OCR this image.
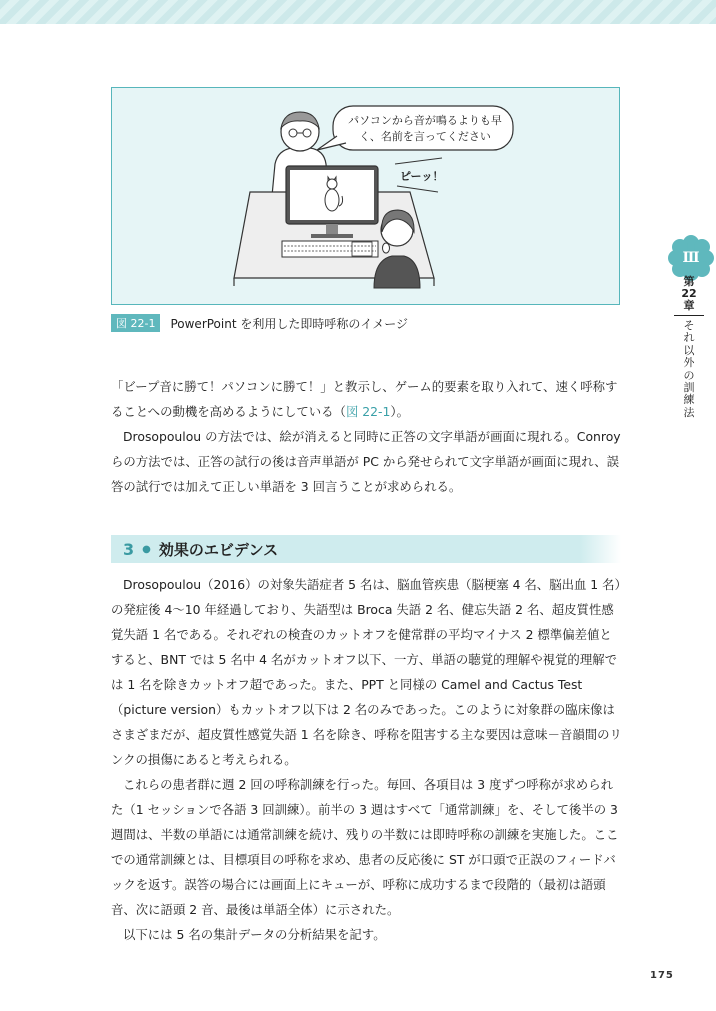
パソコンから音が鳴るよりも早く、名前を言ってください
ピーッ！
図 22-1	PowerPoint を利用した即時呼称のイメージ

「ビープ音に勝て！パソコンに勝て！」と教示し、ゲーム的要素を取り入れて、速く呼称することへの動機を高めるようにしている（図 22-1）。

Drosopoulou の方法では、絵が消えると同時に正答の文字単語が画面に現れる。Conroy らの方法では、正答の試行の後は音声単語が PC から発せられて文字単語が画面に現れ、誤答の試行では加えて正しい単語を 3 回言うことが求められる。

3 ● 効果のエビデンス

Drosopoulou（2016）の対象失語症者 5 名は、脳血管疾患（脳梗塞 4 名、脳出血 1 名）の発症後 4〜10 年経過しており、失語型は Broca 失語 2 名、健忘失語 2 名、超皮質性感覚失語 1 名である。それぞれの検査のカットオフを健常群の平均マイナス 2 標準偏差値とすると、BNT では 5 名中 4 名がカットオフ以下、一方、単語の聴覚的理解や視覚的理解では 1 名を除きカットオフ超であった。また、PPT と同様の Camel and Cactus Test（picture version）もカットオフ以下は 2 名のみであった。このように対象群の臨床像はさまざまだが、超皮質性感覚失語 1 名を除き、呼称を阻害する主な要因は意味－音韻間のリンクの損傷にあると考えられる。

これらの患者群に週 2 回の呼称訓練を行った。毎回、各項目は 3 度ずつ呼称が求められた（1 セッションで各語 3 回訓練）。前半の 3 週はすべて「通常訓練」を、そして後半の 3 週間は、半数の単語には通常訓練を続け、残りの半数には即時呼称の訓練を実施した。ここでの通常訓練とは、目標項目の呼称を求め、患者の反応後に ST が口頭で正誤のフィードバックを返す。誤答の場合には画面上にキューが、呼称に成功するまで段階的（最初は語頭音、次に語頭 2 音、最後は単語全体）に示された。

以下には 5 名の集計データの分析結果を記す。

Ⅲ
第22章
それ以外の訓練法
175
